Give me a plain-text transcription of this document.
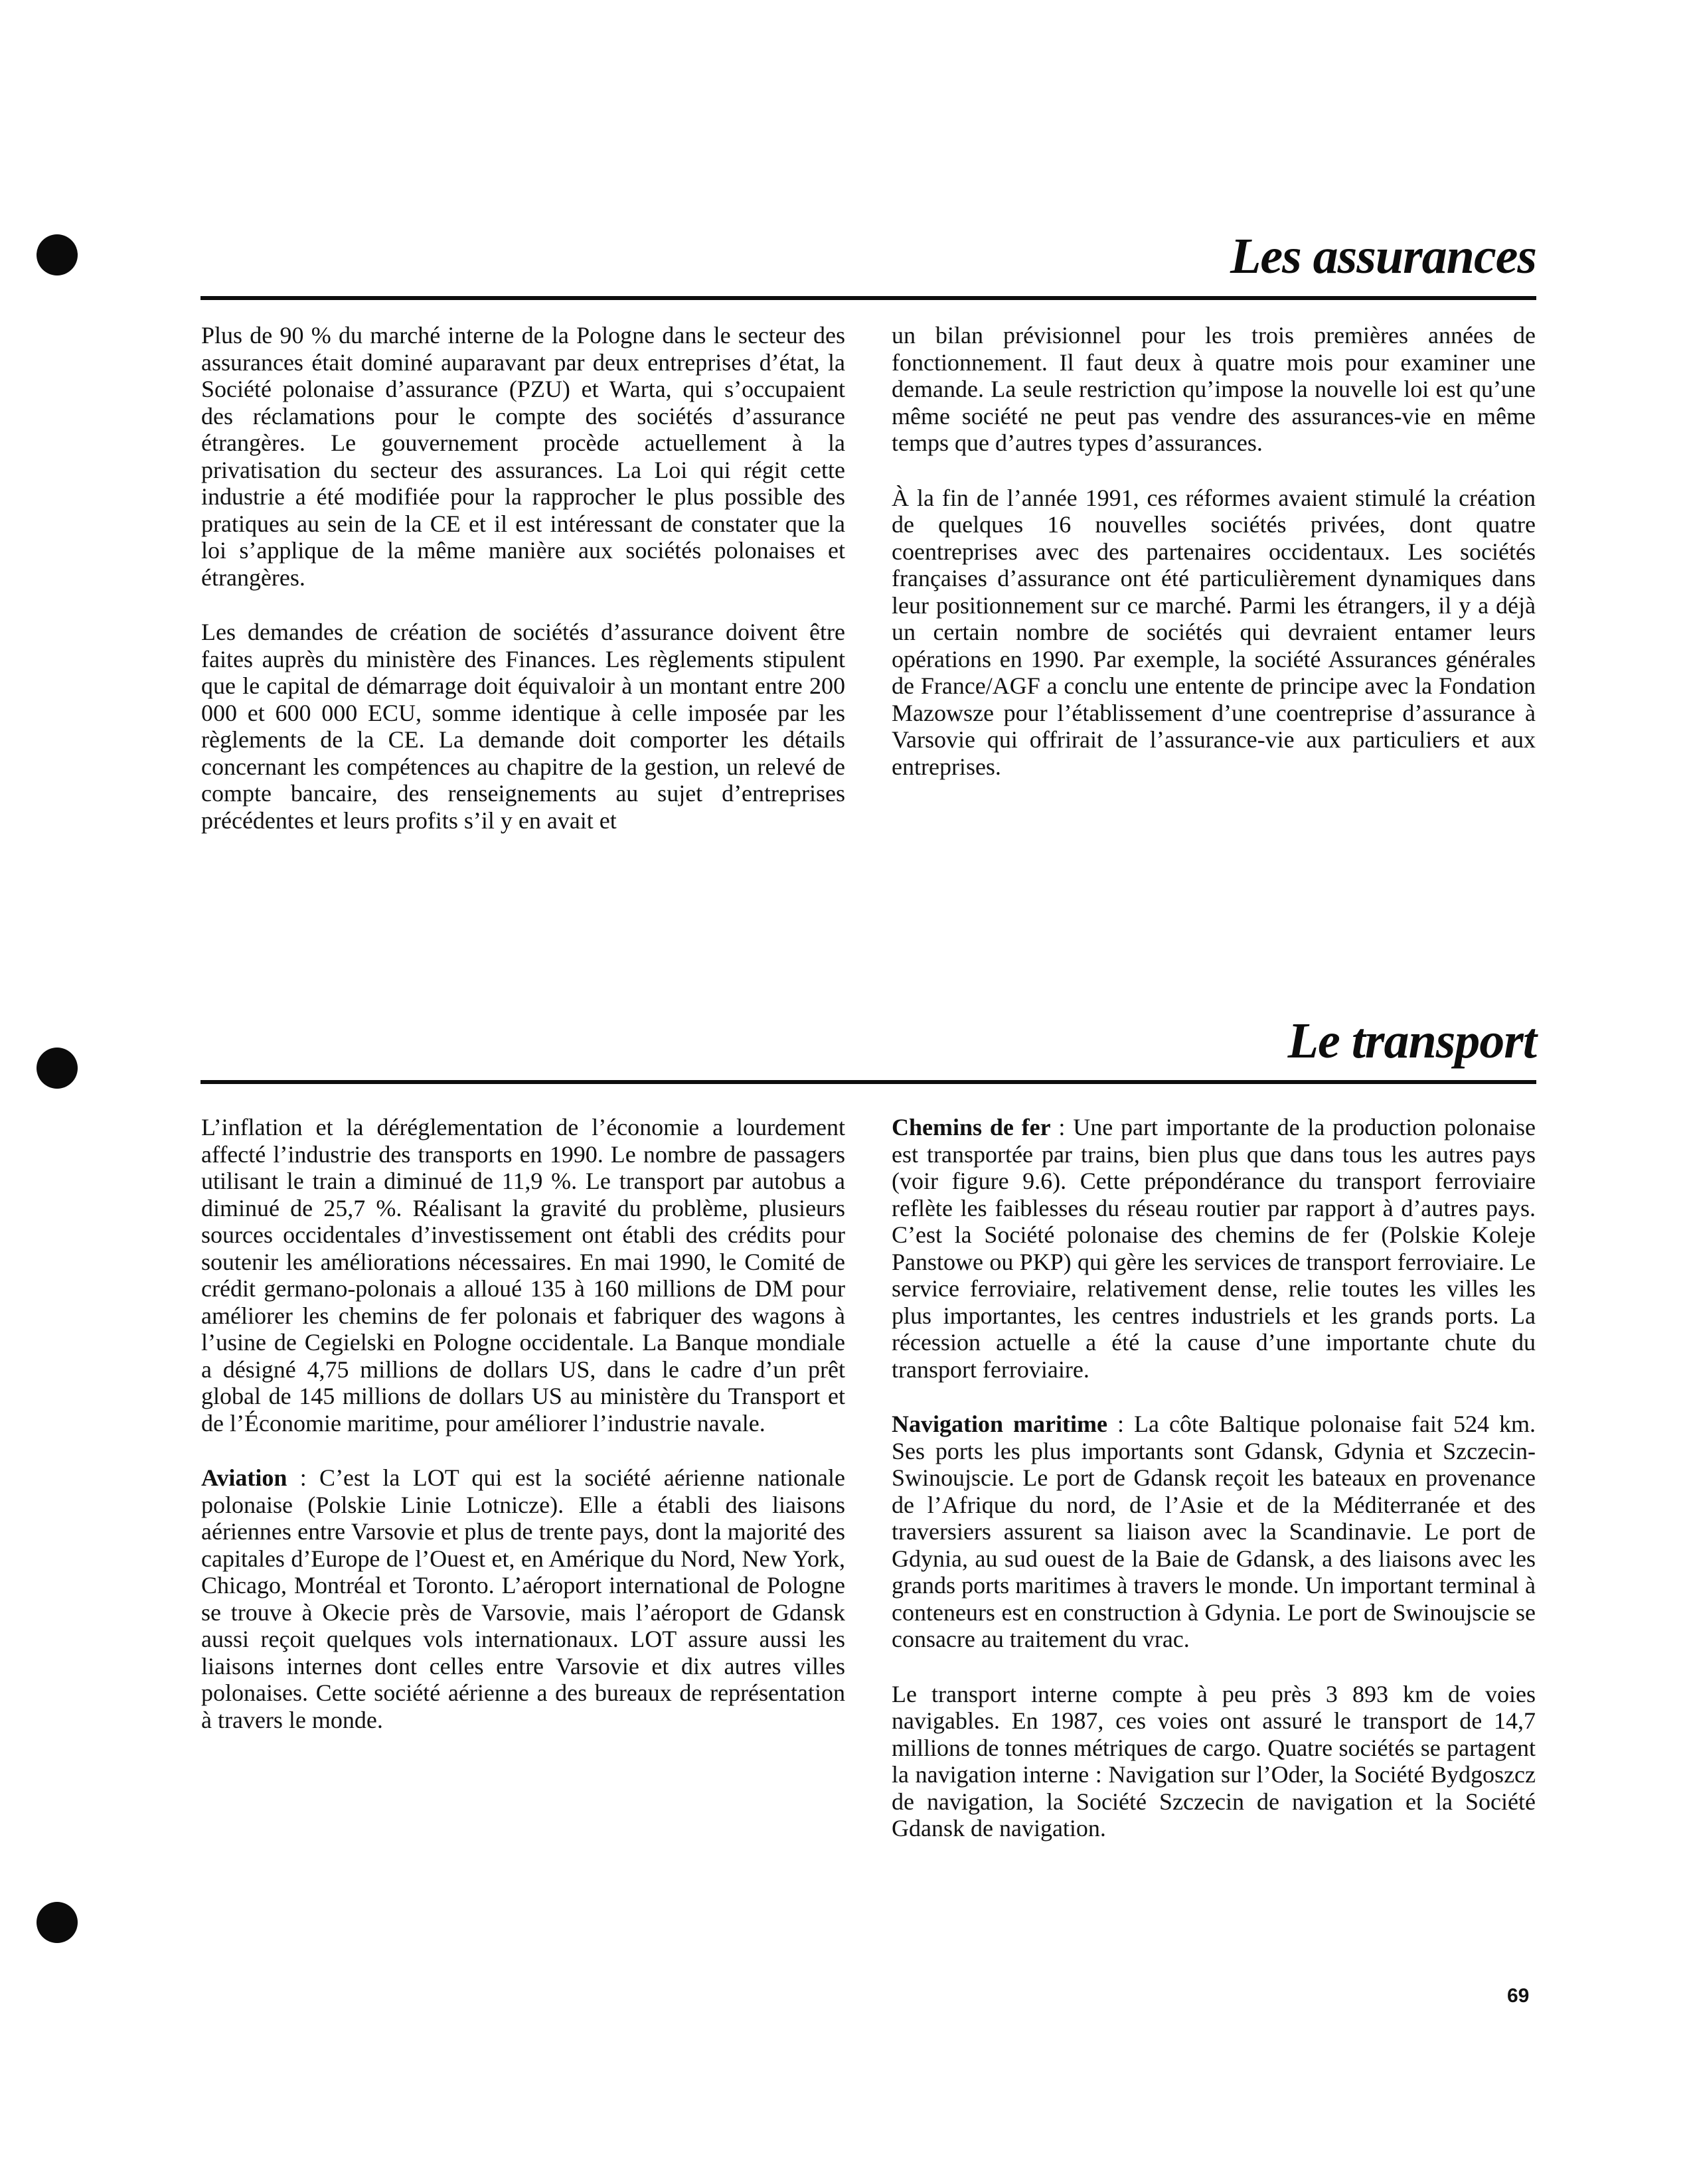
Les assurances

Plus de 90 % du marché interne de la Pologne dans le secteur des assurances était dominé auparavant par deux entreprises d’état, la Société polonaise d’assurance (PZU) et Warta, qui s’occupaient des réclamations pour le compte des sociétés d’assurance étrangères. Le gouvernement procède actuellement à la privatisation du secteur des assurances. La Loi qui régit cette industrie a été modifiée pour la rapprocher le plus possible des pratiques au sein de la CE et il est intéressant de constater que la loi s’applique de la même manière aux sociétés polonaises et étrangères.

Les demandes de création de sociétés d’assurance doivent être faites auprès du ministère des Finances. Les règlements stipulent que le capital de démarrage doit équivaloir à un montant entre 200 000 et 600 000 ECU, somme identique à celle imposée par les règlements de la CE. La demande doit comporter les détails concernant les compétences au chapitre de la gestion, un relevé de compte bancaire, des renseignements au sujet d’entreprises précédentes et leurs profits s’il y en avait et

un bilan prévisionnel pour les trois premières années de fonctionnement. Il faut deux à quatre mois pour examiner une demande. La seule restriction qu’impose la nouvelle loi est qu’une même société ne peut pas vendre des assurances-vie en même temps que d’autres types d’assurances.

À la fin de l’année 1991, ces réformes avaient stimulé la création de quelques 16 nouvelles sociétés privées, dont quatre coentreprises avec des partenaires occidentaux. Les sociétés françaises d’assurance ont été particulièrement dynamiques dans leur positionnement sur ce marché. Parmi les étrangers, il y a déjà un certain nombre de sociétés qui devraient entamer leurs opérations en 1990. Par exemple, la société Assurances générales de France/AGF a conclu une entente de principe avec la Fondation Mazowsze pour l’établissement d’une coentreprise d’assurance à Varsovie qui offrirait de l’assurance-vie aux particuliers et aux entreprises.

Le transport

L’inflation et la déréglementation de l’économie a lourdement affecté l’industrie des transports en 1990. Le nombre de passagers utilisant le train a diminué de 11,9 %. Le transport par autobus a diminué de 25,7 %. Réalisant la gravité du problème, plusieurs sources occidentales d’investissement ont établi des crédits pour soutenir les améliorations nécessaires. En mai 1990, le Comité de crédit germano-polonais a alloué 135 à 160 millions de DM pour améliorer les chemins de fer polonais et fabriquer des wagons à l’usine de Cegielski en Pologne occidentale. La Banque mondiale a désigné 4,75 millions de dollars US, dans le cadre d’un prêt global de 145 millions de dollars US au ministère du Transport et de l’Économie maritime, pour améliorer l’industrie navale.

Aviation : C’est la LOT qui est la société aérienne nationale polonaise (Polskie Linie Lotnicze). Elle a établi des liaisons aériennes entre Varsovie et plus de trente pays, dont la majorité des capitales d’Europe de l’Ouest et, en Amérique du Nord, New York, Chicago, Montréal et Toronto. L’aéroport international de Pologne se trouve à Okecie près de Varsovie, mais l’aéroport de Gdansk aussi reçoit quelques vols internationaux. LOT assure aussi les liaisons internes dont celles entre Varsovie et dix autres villes polonaises. Cette société aérienne a des bureaux de représentation à travers le monde.

Chemins de fer : Une part importante de la production polonaise est transportée par trains, bien plus que dans tous les autres pays (voir figure 9.6). Cette prépondérance du transport ferroviaire reflète les faiblesses du réseau routier par rapport à d’autres pays. C’est la Société polonaise des chemins de fer (Polskie Koleje Panstowe ou PKP) qui gère les services de transport ferroviaire. Le service ferroviaire, relativement dense, relie toutes les villes les plus importantes, les centres industriels et les grands ports. La récession actuelle a été la cause d’une importante chute du transport ferroviaire.

Navigation maritime : La côte Baltique polonaise fait 524 km. Ses ports les plus importants sont Gdansk, Gdynia et Szczecin-Swinoujscie. Le port de Gdansk reçoit les bateaux en provenance de l’Afrique du nord, de l’Asie et de la Méditerranée et des traversiers assurent sa liaison avec la Scandinavie. Le port de Gdynia, au sud ouest de la Baie de Gdansk, a des liaisons avec les grands ports maritimes à travers le monde. Un important terminal à conteneurs est en construction à Gdynia. Le port de Swinoujscie se consacre au traitement du vrac.

Le transport interne compte à peu près 3 893 km de voies navigables. En 1987, ces voies ont assuré le transport de 14,7 millions de tonnes métriques de cargo. Quatre sociétés se partagent la navigation interne : Navigation sur l’Oder, la Société Bydgoszcz de navigation, la Société Szczecin de navigation et la Société Gdansk de navigation.

69
